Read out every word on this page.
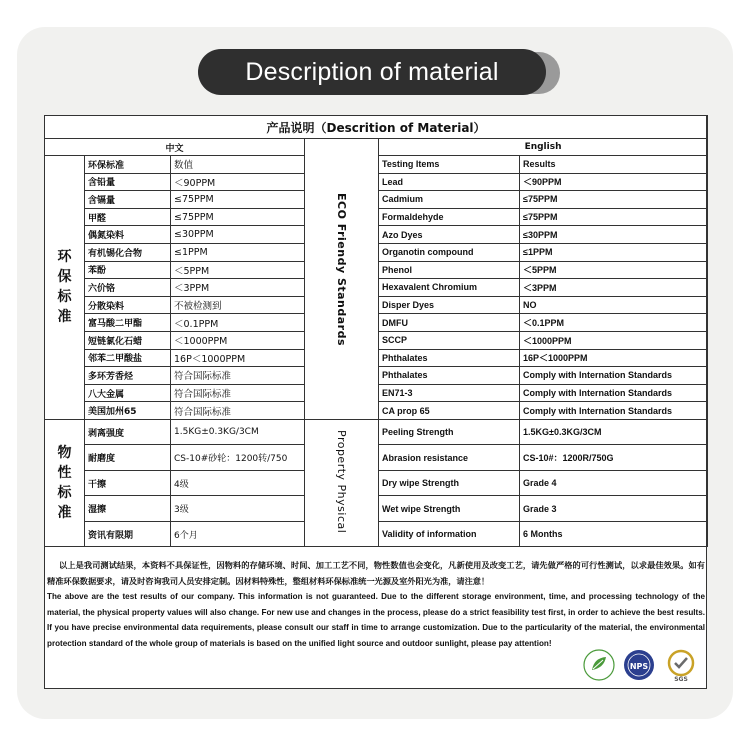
Description of material
产品说明（Descrition of Material）					
中文			ECO Friendy Standards	English	
环保标准	环保标准	数值		Testing Items	Results
	含铅量	＜90PPM		Lead	＜90PPM
	含镉量	≤75PPM		Cadmium	≤75PPM
	甲醛	≤75PPM		Formaldehyde	≤75PPM
	偶氮染料	≤30PPM		Azo Dyes	≤30PPM
	有机锡化合物	≤1PPM		Organotin compound	≤1PPM
	苯酚	＜5PPM		Phenol	＜5PPM
	六价铬	＜3PPM		Hexavalent Chromium	＜3PPM
	分散染料	不被检测到		Disper Dyes	NO
	富马酸二甲酯	＜0.1PPM		DMFU	＜0.1PPM
	短链氯化石蜡	＜1000PPM		SCCP	＜1000PPM
	邻苯二甲酸盐	16P＜1000PPM		Phthalates	16P＜1000PPM
	多环芳香烃	符合国际标准		Phthalates	Comply with Internation Standards
	八大金属	符合国际标准		EN71-3	Comply with Internation Standards
	美国加州65	符合国际标准		CA prop 65	Comply with Internation Standards
物性标准	剥离强度	1.5KG±0.3KG/3CM	Property Physical	Peeling Strength	1.5KG±0.3KG/3CM
	耐磨度	CS-10#砂轮：1200转/750		Abrasion resistance	CS-10#：1200R/750G
	干擦	4级		Dry wipe Strength	Grade 4
	湿擦	3级		Wet wipe Strength	Grade 3
	资讯有限期	6个月		Validity of information	6 Months
以上是我司测试结果，本资料不具保证性，因物料的存储环境、时间、加工工艺不同，物性数值也会变化，凡新使用及改变工艺，请先做严格的可行性测试，以求最佳效果。如有精准环保数据要求，请及时咨询我司人员安排定制。因材料特殊性，整组材料环保标准统一光源及室外阳光为准，请注意！
The above are the test results of our company. This information is not guaranteed. Due to the different storage environment, time, and processing technology of the material, the physical property values will also change. For new use and changes in the process, please do a strict feasibility test first, in order to achieve the best results. If you have precise environmental data requirements, please consult our staff in time to arrange customization. Due to the particularity of the material, the environmental protection standard of the whole group of materials is based on the unified light source and outdoor sunlight, please pay attention!
NPS
SGS
